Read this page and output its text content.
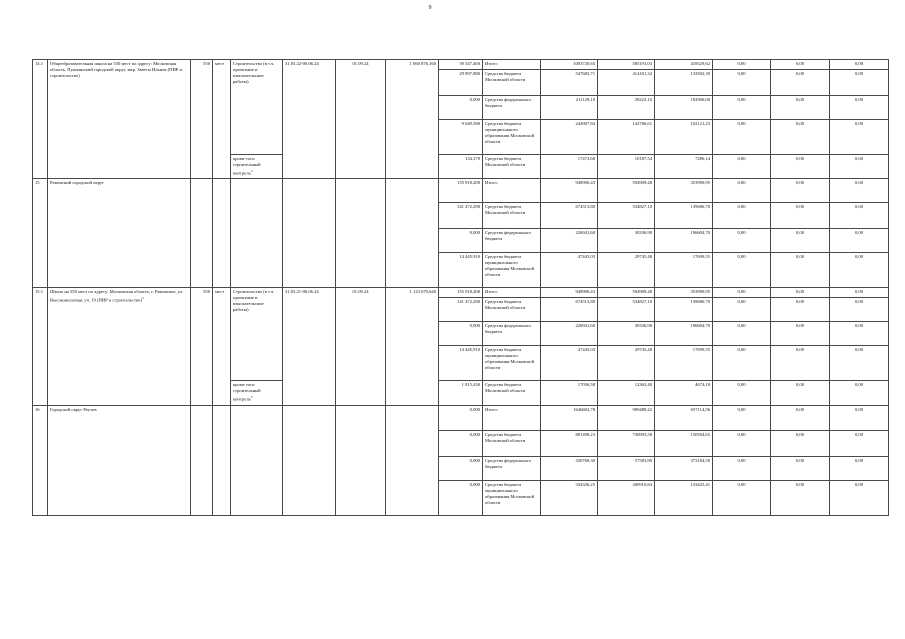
9
14.1	Общеобразовательная школа на 550 мест по адресу: Московская область, Пушкинский городской округ, мкр. Заветы Ильича (ПИР и строительство)	550	мест	Строительство (в т.ч. проектные и изыскательские работы)	31.03.22-06.06.24	01.09.24	1 060 876,160	39 547,460	Итого:	1003720,65	585191,03	418529,62	0,00	0,00	0,00
								29 897,880	Средства бюджета Московской области	547683,71	414181,32	133502,39	0,00	0,00	0,00
								0,000	Средства федерального бюджета	211129,10	28223,10	182906,00	0,00	0,00	0,00
								9 649,580	Средства бюджета муниципального образования Московской области	244907,84	142786,61	102121,23	0,00	0,00	0,00
				кроме того: строительный контроль$^5$				134,370	Средства бюджета Московской области	17473,68	10187,54	7286,14	0,00	0,00	0,00
15	Раменский городской округ							155 918,200	Итого:	948900,43	594909,48	353990,95	0,00	0,00	0,00
								141 472,290	Средства бюджета Московской области	674513,80	534827,10	139686,70	0,00	0,00	0,00
								0,000	Средства федерального бюджета	226941,60	30336,90	196604,70	0,00	0,00	0,00
								14 445,910	Средства бюджета муниципального образования Московской области	47445,03	29745,48	17699,55	0,00	0,00	0,00
15.1	Школа на 550 мест по адресу: Московская область, г. Раменское, ул. Высоковольтная, уч. 19 (ПИР и строительство)$^5$	550	мест	Строительство (в т.ч. проектные и изыскательские работы)	31.03.21-06.06.24	01.09.24	1 123 670,640	155 918,200	Итого:	948900,43	594909,48	353990,95	0,00	0,00	0,00
								141 472,290	Средства бюджета Московской области	674513,80	534827,10	139686,70	0,00	0,00	0,00
								0,000	Средства федерального бюджета	226941,60	30336,90	196604,70	0,00	0,00	0,00
								14 445,910	Средства бюджета муниципального образования Московской области	47445,03	29745,48	17699,55	0,00	0,00	0,00
				кроме того: строительный контроль$^5$				1 815,430	Средства бюджета Московской области	17036,58	12362,40	4674,18	0,00	0,00	0,00
16	Городской округ Реутов							0,000	Итого:	1646602,78	989488,22	657114,56	0,00	0,00	0,00
								0,000	Средства бюджета Московской области	881498,23	730993,58	150504,65	0,00	0,00	0,00
								0,000	Средства федерального бюджета	430768,30	57583,80	373184,50	0,00	0,00	0,00
								0,000	Средства бюджета муниципального образования Московской области	334336,25	200910,84	133425,41	0,00	0,00	0,00
